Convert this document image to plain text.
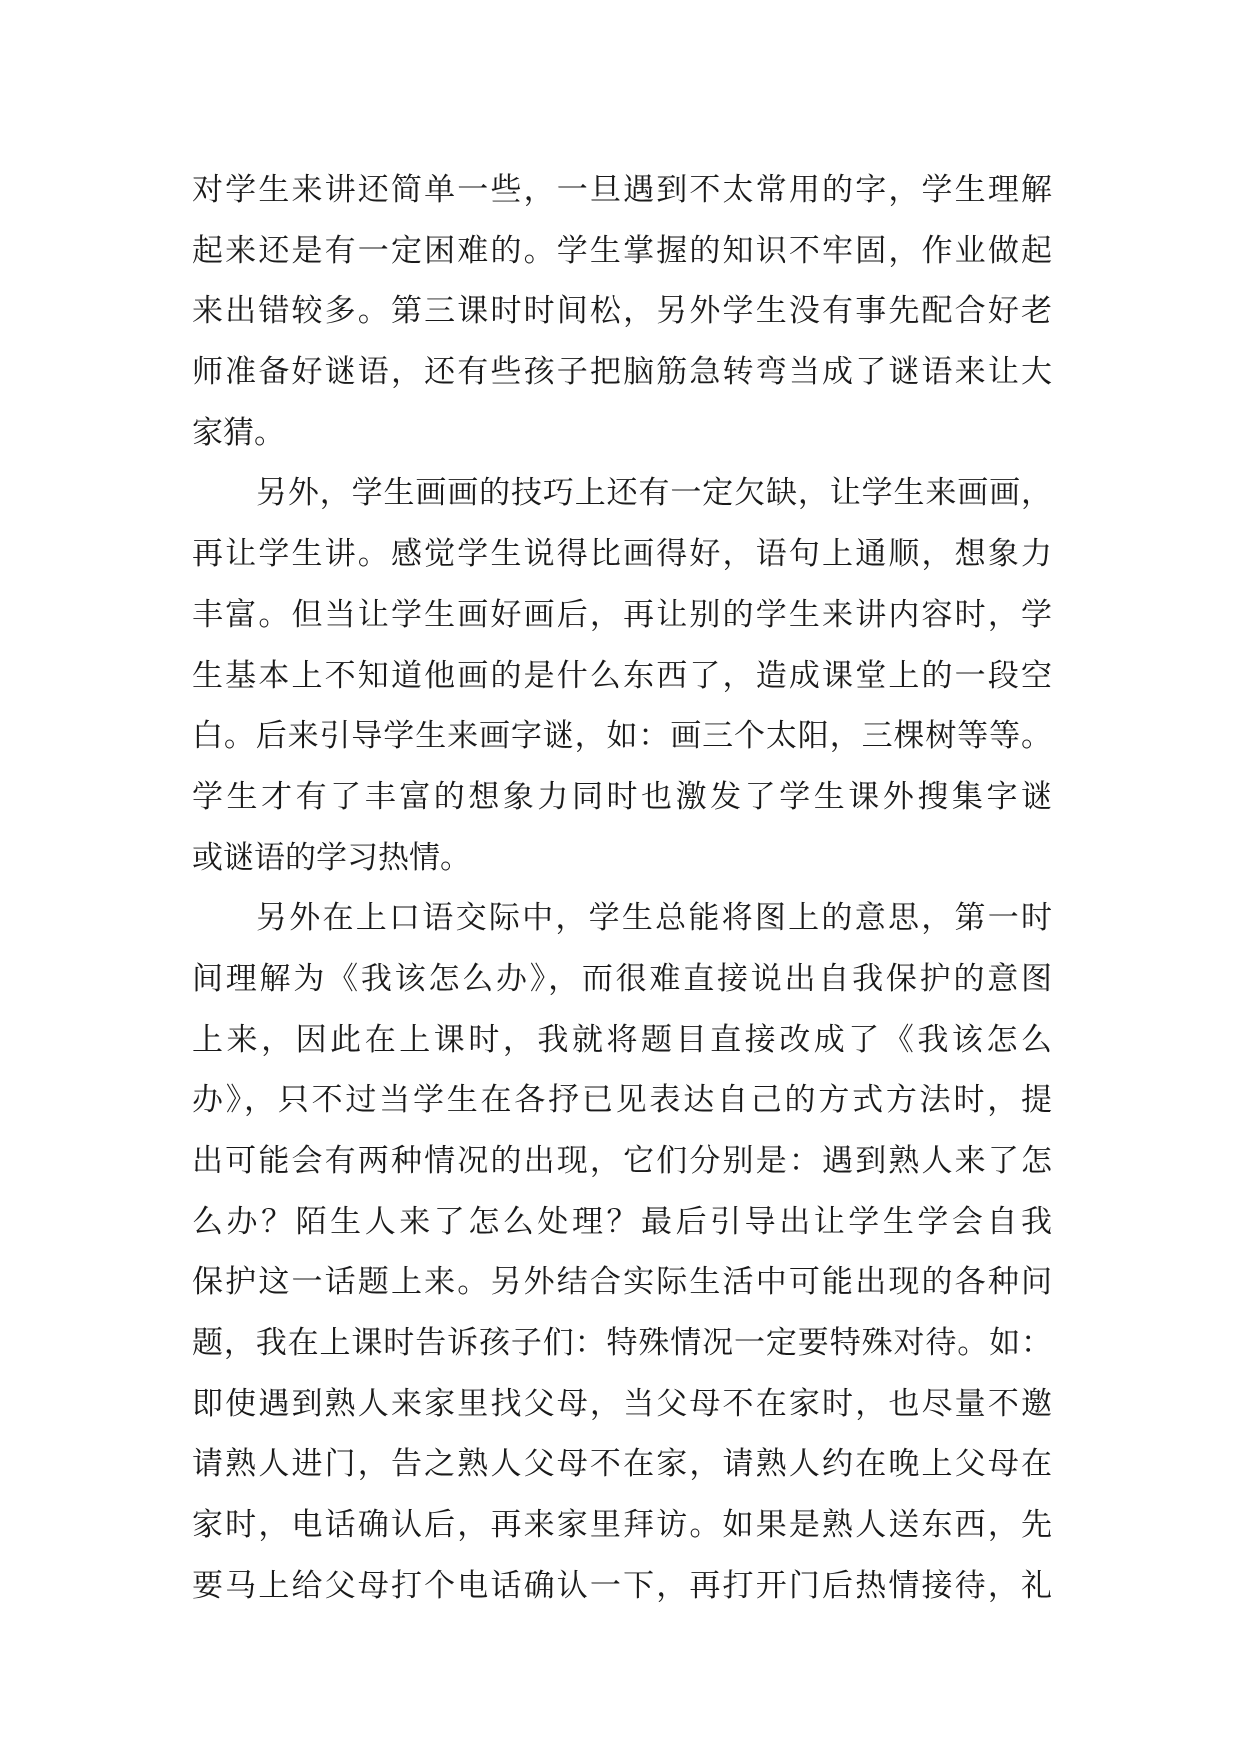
对学生来讲还简单一些，一旦遇到不太常用的字，学生理解
起来还是有一定困难的。学生掌握的知识不牢固，作业做起
来出错较多。第三课时时间松，另外学生没有事先配合好老
师准备好谜语，还有些孩子把脑筋急转弯当成了谜语来让大
家猜。
另外，学生画画的技巧上还有一定欠缺，让学生来画画，
再让学生讲。感觉学生说得比画得好，语句上通顺，想象力
丰富。但当让学生画好画后，再让别的学生来讲内容时，学
生基本上不知道他画的是什么东西了，造成课堂上的一段空
白。后来引导学生来画字谜，如：画三个太阳，三棵树等等。
学生才有了丰富的想象力同时也激发了学生课外搜集字谜
或谜语的学习热情。
另外在上口语交际中，学生总能将图上的意思，第一时
间理解为《我该怎么办》，而很难直接说出自我保护的意图
上来，因此在上课时，我就将题目直接改成了《我该怎么
办》，只不过当学生在各抒已见表达自己的方式方法时，提
出可能会有两种情况的出现，它们分别是：遇到熟人来了怎
么办？陌生人来了怎么处理？最后引导出让学生学会自我
保护这一话题上来。另外结合实际生活中可能出现的各种问
题，我在上课时告诉孩子们：特殊情况一定要特殊对待。如：
即使遇到熟人来家里找父母，当父母不在家时，也尽量不邀
请熟人进门，告之熟人父母不在家，请熟人约在晚上父母在
家时，电话确认后，再来家里拜访。如果是熟人送东西，先
要马上给父母打个电话确认一下，再打开门后热情接待，礼
